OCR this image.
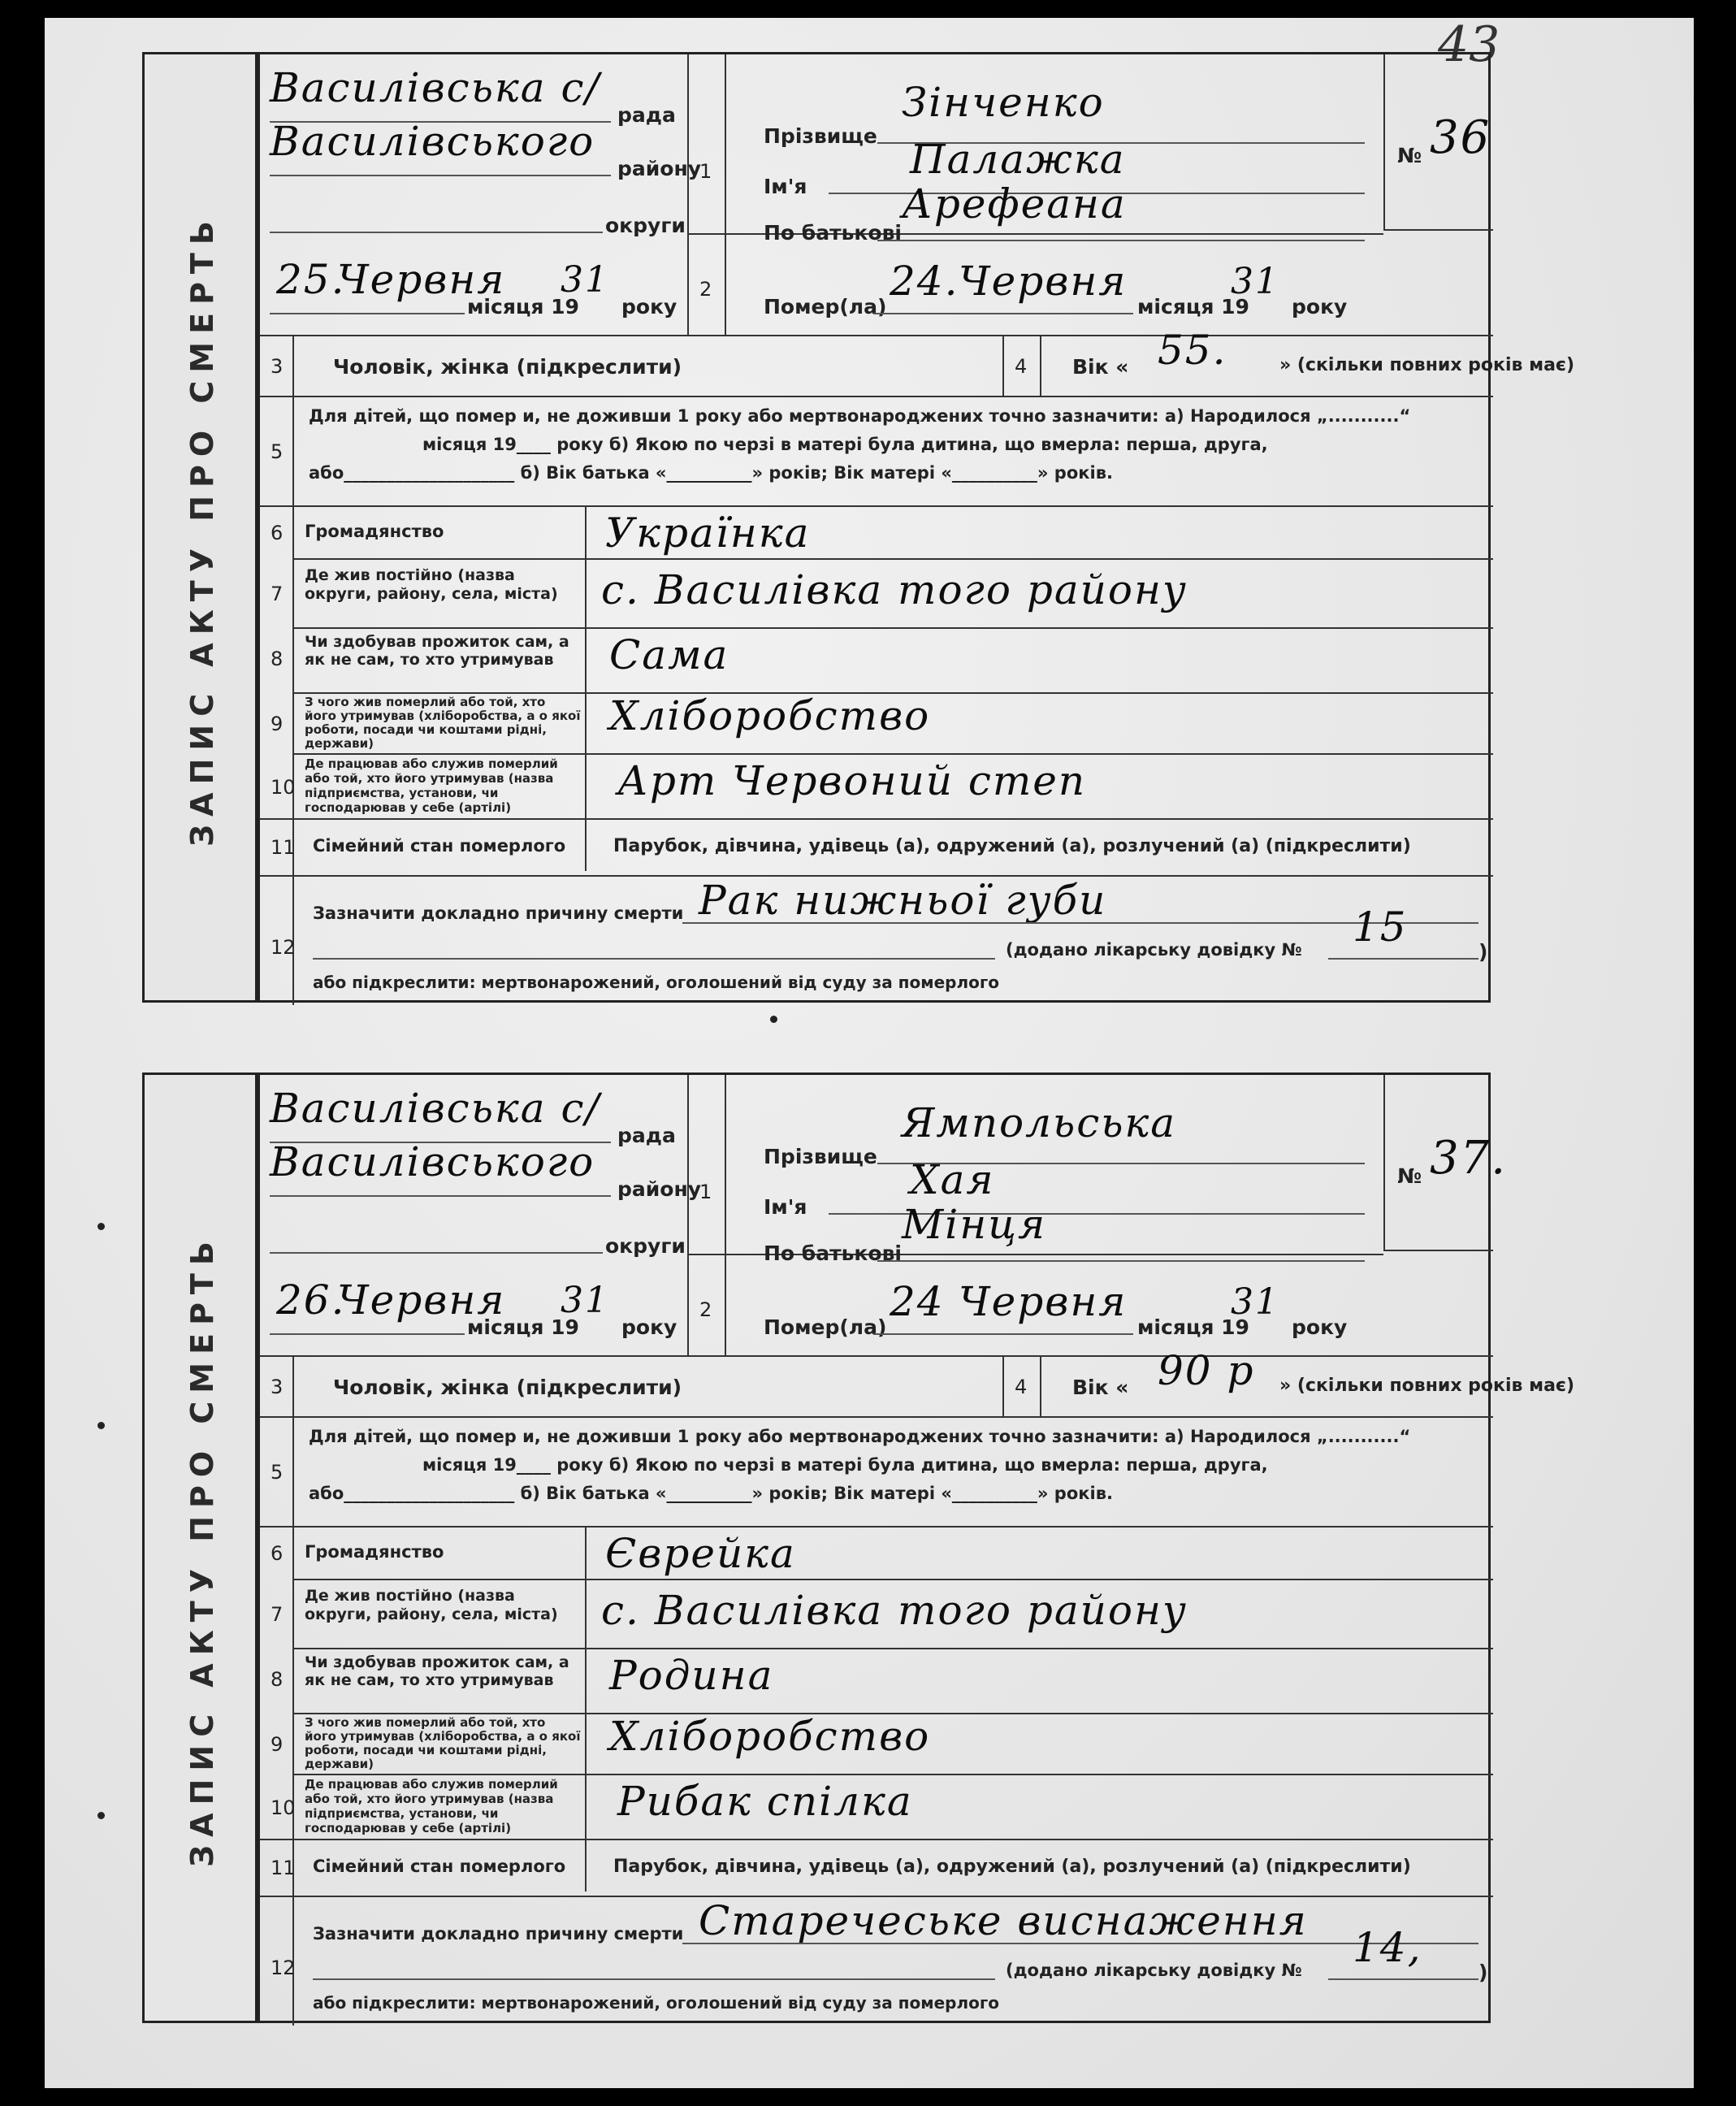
43
ЗАПИС АКТУ ПРО СМЕРТЬ
Василівська с/
рада
Василівського
району
округи
25.
Червня
місяця 19
31
року
1
2
Прізвище
Зінченко
Ім'я
Палажка
По батькові
Арефеана
№ 36
Помер(ла)
24. Червня
місяця 19
31
року
3 Чоловік, жінка (підкреслити)	4 Вік « 55.	» (скільки повних років має)
5
Для дітей, що помер и, не доживши 1 року або мертвонароджених точно зазначити: а) Народилося „...........“
місяця 19____ року б) Якою по черзі в матері була дитина, що вмерла: перша, друга,
або____________________ б) Вік батька «__________» років; Вік матері «__________» років.
6 Громадянство	Українка
7
Де жив постійно (назва округи, району, села, міста)	с. Василівка того району
8
Чи здобував прожиток сам, а як не сам, то хто утримував	Сама
9
З чого жив померлий або той, хто його утримував (хліборобства, а о якої роботи, посади чи коштами рідні, держави)
Хліборобство
10
Де працював або служив померлий або той, хто його утримував (назва підприємства, установи, чи господарював у себе (артілі)
Арт Червоний степ
11 Сімейний стан померлого	Парубок, дівчина, удівець (а), одружений (а), розлучений (а) (підкреслити)
12
Зазначити докладно причину смерти Рак нижньої губи
(додано лікарську довідку № 15
)
або підкреслити: мертвонарожений, оголошений від суду за померлого
ЗАПИС АКТУ ПРО СМЕРТЬ
Василівська с/
рада
Василівського
району
округи
26.
Червня
місяця 19
31
року
1
2
Прізвище
Ямпольська
Ім'я
Хая
По батькові
Мінця
№ 37.
Помер(ла)
24 Червня
місяця 19
31
року
3 Чоловік, жінка (підкреслити)	4 Вік « 90 р » (скільки повних років має)
5
Для дітей, що помер и, не доживши 1 року або мертвонароджених точно зазначити: а) Народилося „...........“
місяця 19____ року б) Якою по черзі в матері була дитина, що вмерла: перша, друга,
або____________________ б) Вік батька «__________» років; Вік матері «__________» років.
6 Громадянство	Єврейка
7
Де жив постійно (назва округи, району, села, міста)	с. Василівка того району
8
Чи здобував прожиток сам, а як не сам, то хто утримував	Родина
9
З чого жив померлий або той, хто його утримував (хліборобства, а о якої роботи, посади чи коштами рідні, держави)
Хліборобство
10
Де працював або служив померлий або той, хто його утримував (назва підприємства, установи, чи господарював у себе (артілі)
Рибак спілка
11 Сімейний стан померлого	Парубок, дівчина, удівець (а), одружений (а), розлучений (а) (підкреслити)
12
Зазначити докладно причину смерти Старечеське виснаження
(додано лікарську довідку № 14,
)
або підкреслити: мертвонарожений, оголошений від суду за померлого
